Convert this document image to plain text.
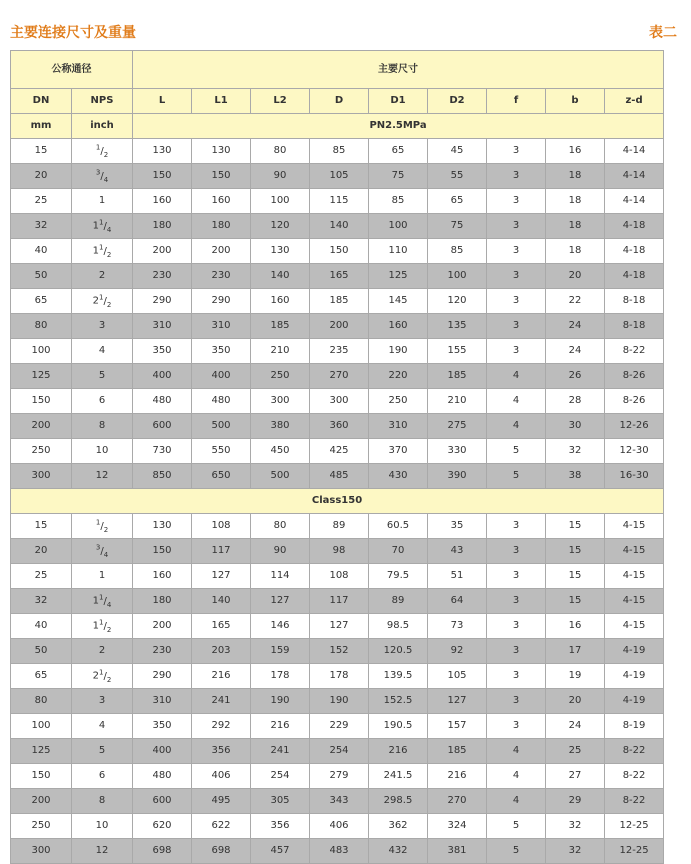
主要连接尺寸及重量	表二
公称通径		主要尺寸								
DN	NPS	L	L1	L2	D	D1	D2	f	b	z-d
mm	inch	PN2.5MPa								
15	$^1/_2$	130	130	80	85	65	45	3	16	4-14
20	$^3/_4$	150	150	90	105	75	55	3	18	4-14
25	1	160	160	100	115	85	65	3	18	4-14
32	$1^1/_4$	180	180	120	140	100	75	3	18	4-18
40	$1^1/_2$	200	200	130	150	110	85	3	18	4-18
50	2	230	230	140	165	125	100	3	20	4-18
65	$2^1/_2$	290	290	160	185	145	120	3	22	8-18
80	3	310	310	185	200	160	135	3	24	8-18
100	4	350	350	210	235	190	155	3	24	8-22
125	5	400	400	250	270	220	185	4	26	8-26
150	6	480	480	300	300	250	210	4	28	8-26
200	8	600	500	380	360	310	275	4	30	12-26
250	10	730	550	450	425	370	330	5	32	12-30
300	12	850	650	500	485	430	390	5	38	16-30
Class150										
15	$^1/_2$	130	108	80	89	60.5	35	3	15	4-15
20	$^3/_4$	150	117	90	98	70	43	3	15	4-15
25	1	160	127	114	108	79.5	51	3	15	4-15
32	$1^1/_4$	180	140	127	117	89	64	3	15	4-15
40	$1^1/_2$	200	165	146	127	98.5	73	3	16	4-15
50	2	230	203	159	152	120.5	92	3	17	4-19
65	$2^1/_2$	290	216	178	178	139.5	105	3	19	4-19
80	3	310	241	190	190	152.5	127	3	20	4-19
100	4	350	292	216	229	190.5	157	3	24	8-19
125	5	400	356	241	254	216	185	4	25	8-22
150	6	480	406	254	279	241.5	216	4	27	8-22
200	8	600	495	305	343	298.5	270	4	29	8-22
250	10	620	622	356	406	362	324	5	32	12-25
300	12	698	698	457	483	432	381	5	32	12-25
